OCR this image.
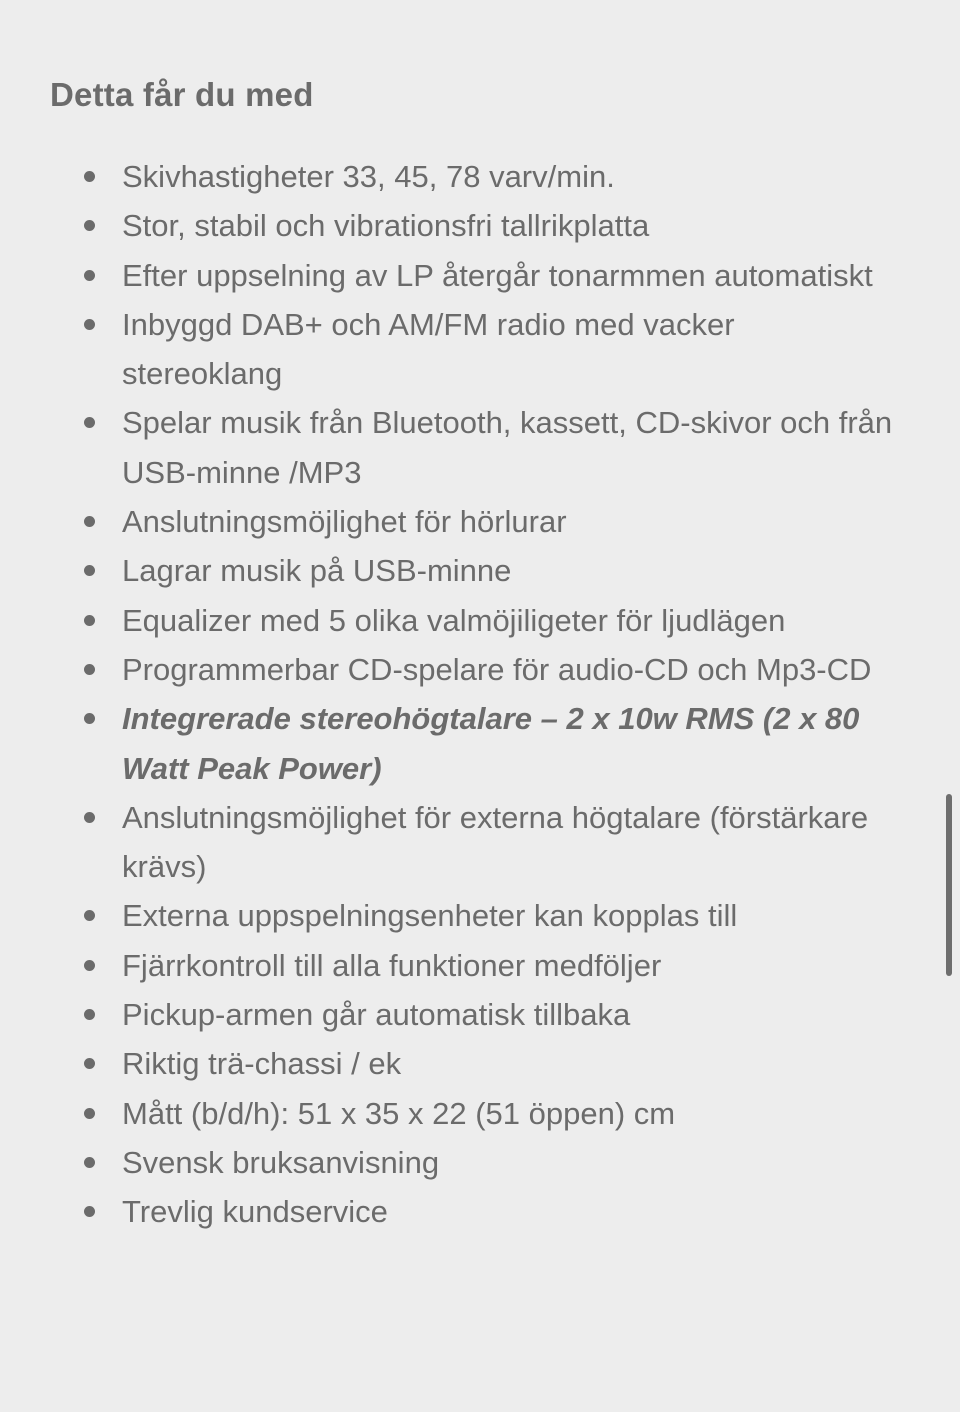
Detta får du med
Skivhastigheter 33, 45, 78 varv/min.
Stor, stabil och vibrationsfri tallrikplatta
Efter uppselning av LP återgår tonarmmen automatiskt
Inbyggd DAB+ och AM/FM radio med vacker stereoklang
Spelar musik från Bluetooth, kassett, CD-skivor och från USB-minne /MP3
Anslutningsmöjlighet för hörlurar
Lagrar musik på USB-minne
Equalizer med 5 olika valmöjiligeter för ljudlägen
Programmerbar CD-spelare för audio-CD och Mp3-CD
Integrerade stereohögtalare – 2 x 10w RMS (2 x 80 Watt Peak Power)
Anslutningsmöjlighet för externa högtalare (förstärkare krävs)
Externa uppspelningsenheter kan kopplas till
Fjärrkontroll till alla funktioner medföljer
Pickup-armen går automatisk tillbaka
Riktig trä-chassi / ek
Mått (b/d/h): 51 x 35 x 22 (51 öppen) cm
Svensk bruksanvisning
Trevlig kundservice
